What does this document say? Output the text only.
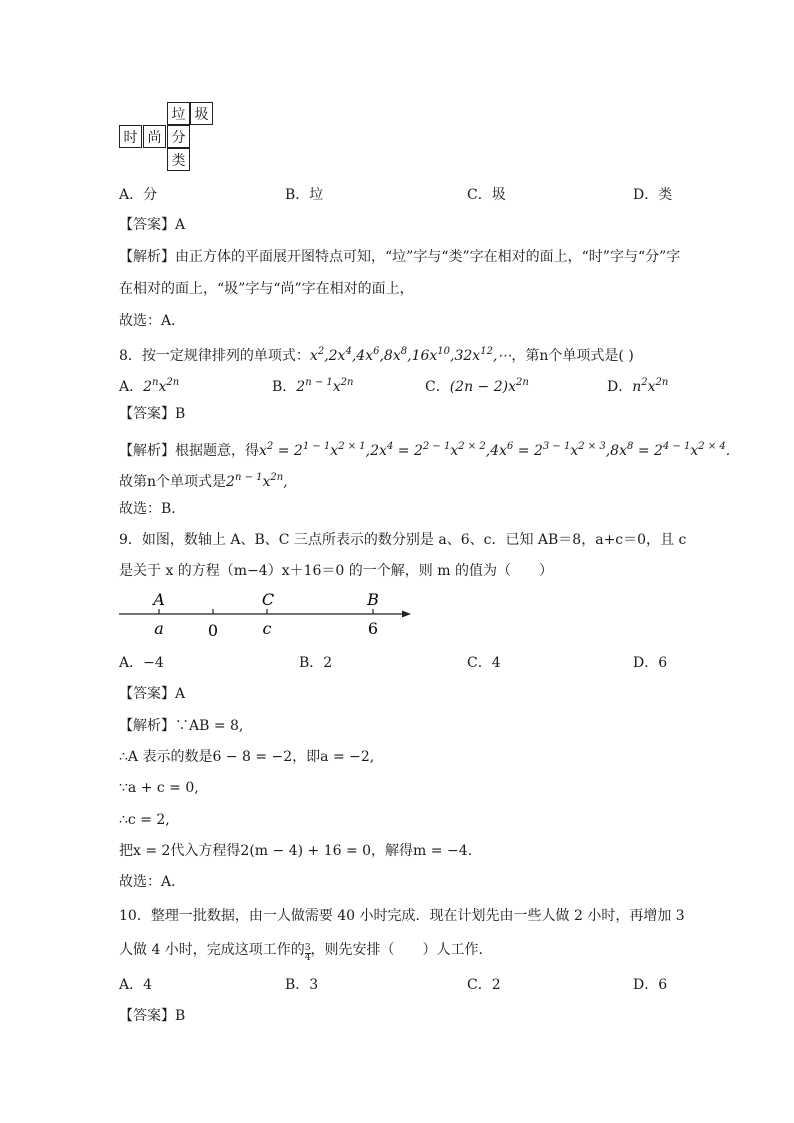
垃 圾
时 尚 分
类
A．分	B．垃	C．圾	D．类
【答案】A
【解析】由正方体的平面展开图特点可知，“垃”字与“类”字在相对的面上，“时”字与“分”字
在相对的面上，“圾”字与“尚”字在相对的面上，
故选：A．
8．按一定规律排列的单项式：$x^2,2x^4,4x^6,8x^8,16x^{10},32x^{12},\cdots$，第n个单项式是( )
A．$2^nx^{2n}$	B．$2^{n - 1}x^{2n}$	C．$(2n - 2)x^{2n}$	D．$n^2x^{2n}$
【答案】B
【解析】根据题意，得$x^2 = 2^{1 - 1}x^{2 \times 1},2x^4 = 2^{2 - 1}x^{2 \times 2},4x^6 = 2^{3 - 1}x^{2 \times 3},8x^8 = 2^{4 - 1}x^{2 \times 4}$.
故第n个单项式是$2^{n - 1}x^{2n}$,
故选：B．
9．如图，数轴上 A、B、C 三点所表示的数分别是 a、6、c．已知 AB＝8，a+c＝0，且 c
是关于 x 的方程（m−4）x＋16＝0 的一个解，则 m 的值为（　　）
A	C	B
a	0	c	6
A．−4	B．2	C．4	D．6
【答案】A
【解析】∵AB = 8,
∴A 表示的数是6 − 8 = −2，即a = −2,
∵a + c = 0,
∴c = 2,
把x = 2代入方程得2(m − 4) + 16 = 0，解得m = −4.
故选：A．
10．整理一批数据，由一人做需要 40 小时完成．现在计划先由一些人做 2 小时，再增加 3
人做 4 小时，完成这项工作的 $\frac{3}{4}$ ，则先安排（　　）人工作．
A．4	B．3	C．2	D．6
【答案】B
